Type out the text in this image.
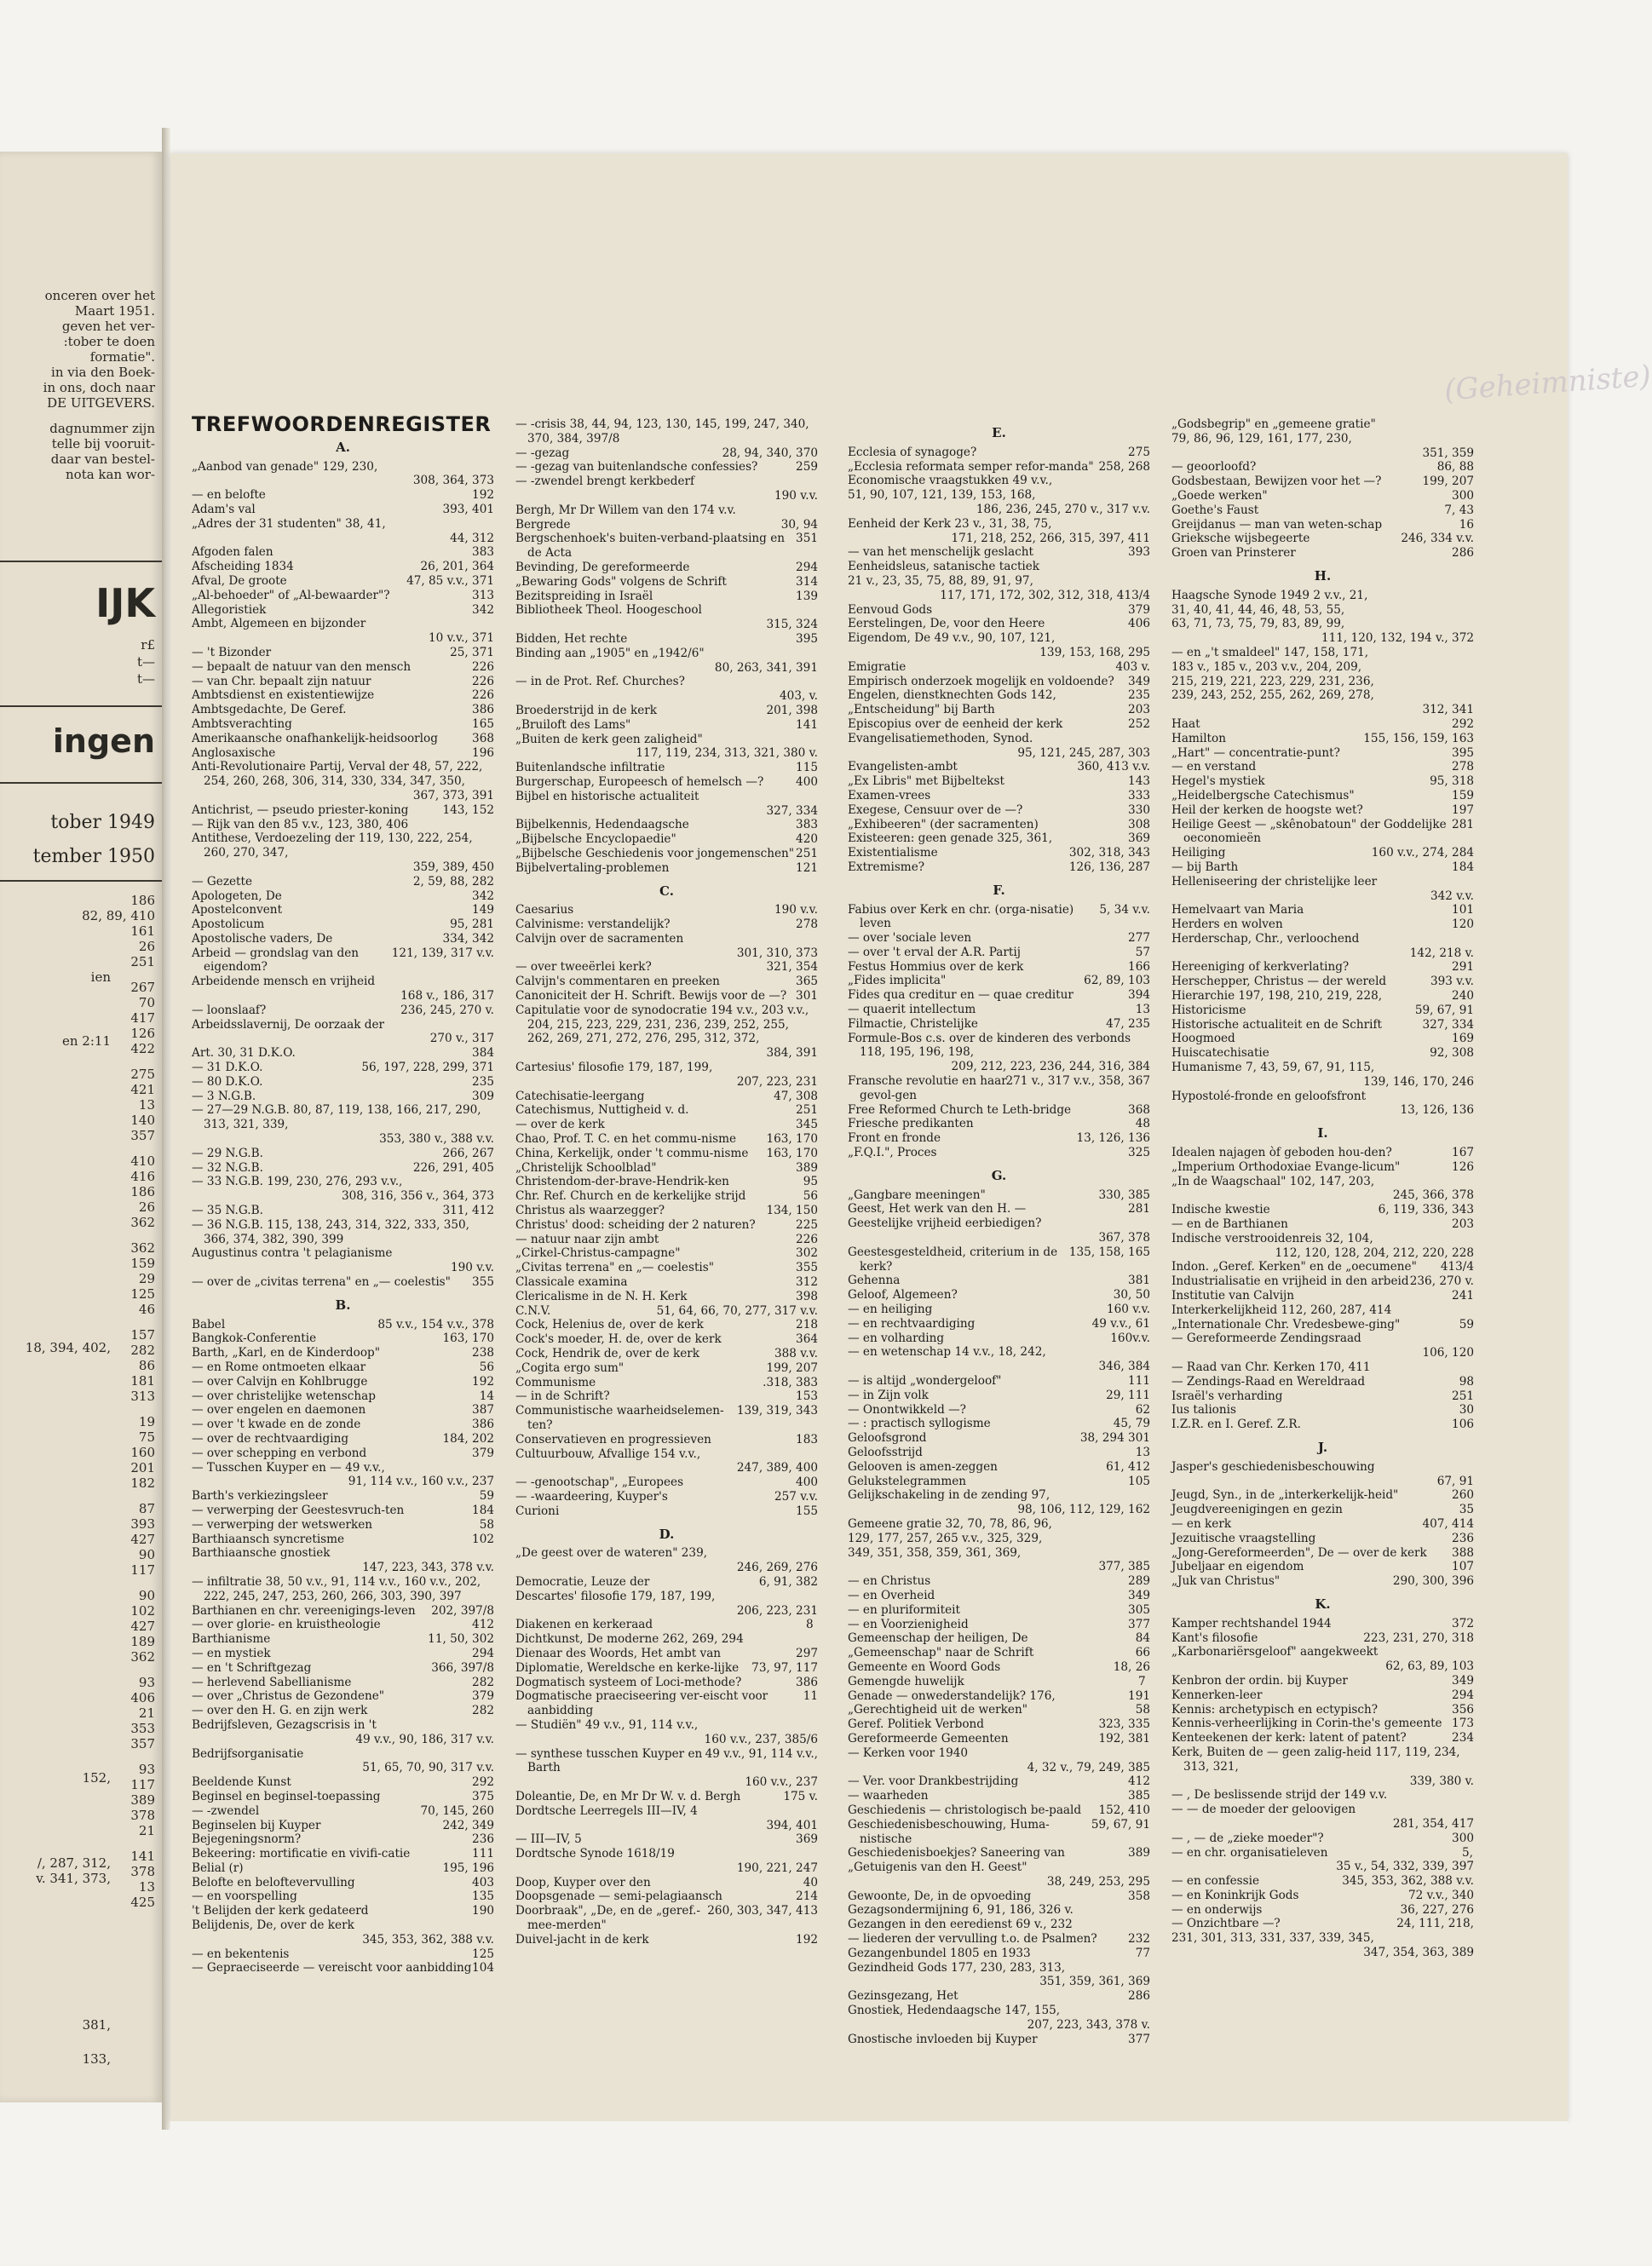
onceren over het
Maart 1951.
geven het ver-
:tober te doen
formatie".
in via den Boek-
in ons, doch naar
DE UITGEVERS.
dagnummer zijn
telle bij vooruit-
daar van bestel-
nota kan wor-
IJK
r£
t—
t—
ingen
tober 1949
tember 1950
186
82, 89, 410
161
26
251
267
70
417
126
422
275
421
13
140
357
410
416
186
26
362
362
159
29
125
46
157
282
86
181
313
19
75
160
201
182
87
393
427
90
117
90
102
427
189
362
93
406
21
353
357
93
117
389
378
21
141
378
13
425
ien
en 2:11
18, 394, 402,
152,
/, 287, 312,
v. 341, 373,
381,
133,
(Geheimniste)
TREFWOORDENREGISTER
A.
„Aanbod van genade" 129, 230,
308, 364, 373
192
— en belofte
393, 401
Adam's val
„Adres der 31 studenten" 38, 41,
44, 312
383
Afgoden falen
26, 201, 364
Afscheiding 1834
47, 85 v.v., 371
Afval, De groote
313
„Al-behoeder" of „Al-bewaarder"?
342
Allegoristiek
Ambt, Algemeen en bijzonder
10 v.v., 371
25, 371
— 't Bizonder
226
— bepaalt de natuur van den mensch
226
— van Chr. bepaalt zijn natuur
226
Ambtsdienst en existentiewijze
386
Ambtsgedachte, De Geref.
165
Ambtsverachting
368
Amerikaansche onafhankelijk-heidsoorlog
196
Anglosaxische
Anti-Revolutionaire Partij, Verval der 48, 57, 222, 254, 260, 268, 306, 314, 330, 334, 347, 350,
367, 373, 391
143, 152
Antichrist, — pseudo priester-koning
— Rijk van den 85 v.v., 123, 380, 406
Antithese, Verdoezeling der 119, 130, 222, 254, 260, 270, 347,
359, 389, 450
2, 59, 88, 282
— Gezette
342
Apologeten, De
149
Apostelconvent
95, 281
Apostolicum
334, 342
Apostolische vaders, De
121, 139, 317 v.v.
Arbeid — grondslag van den eigendom?
Arbeidende mensch en vrijheid
168 v., 186, 317
236, 245, 270 v.
— loonslaaf?
Arbeidsslavernij, De oorzaak der
270 v., 317
384
Art. 30, 31 D.K.O.
56, 197, 228, 299, 371
— 31 D.K.O.
235
— 80 D.K.O.
309
— 3 N.G.B.
— 27—29 N.G.B. 80, 87, 119, 138, 166, 217, 290, 313, 321, 339,
353, 380 v., 388 v.v.
266, 267
— 29 N.G.B.
226, 291, 405
— 32 N.G.B.
— 33 N.G.B. 199, 230, 276, 293 v.v.,
308, 316, 356 v., 364, 373
311, 412
— 35 N.G.B.
— 36 N.G.B. 115, 138, 243, 314, 322, 333, 350, 366, 374, 382, 390, 399
Augustinus contra 't pelagianisme
190 v.v.
355
— over de „civitas terrena" en „— coelestis"
B.
85 v.v., 154 v.v., 378
Babel
163, 170
Bangkok-Conferentie
238
Barth, „Karl, en de Kinderdoop"
56
— en Rome ontmoeten elkaar
192
— over Calvijn en Kohlbrugge
14
— over christelijke wetenschap
387
— over engelen en daemonen
386
— over 't kwade en de zonde
184, 202
— over de rechtvaardiging
379
— over schepping en verbond
— Tusschen Kuyper en — 49 v.v.,
91, 114 v.v., 160 v.v., 237
59
Barth's verkiezingsleer
184
— verwerping der Geestesvruch-ten
58
— verwerping der wetswerken
102
Barthiaansch syncretisme
Barthiaansche gnostiek
147, 223, 343, 378 v.v.
— infiltratie 38, 50 v.v., 91, 114 v.v., 160 v.v., 202, 222, 245, 247, 253, 260, 266, 303, 390, 397
202, 397/8
Barthianen en chr. vereenigings-leven
412
— over glorie- en kruistheologie
11, 50, 302
Barthianisme
294
— en mystiek
366, 397/8
— en 't Schriftgezag
282
— herlevend Sabellianisme
379
— over „Christus de Gezondene"
282
— over den H. G. en zijn werk
Bedrijfsleven, Gezagscrisis in 't
49 v.v., 90, 186, 317 v.v.
Bedrijfsorganisatie
51, 65, 70, 90, 317 v.v.
292
Beeldende Kunst
375
Beginsel en beginsel-toepassing
70, 145, 260
— -zwendel
242, 349
Beginselen bij Kuyper
236
Bejegeningsnorm?
111
Bekeering: mortificatie en vivifi-catie
195, 196
Belial (r)
403
Belofte en beloftevervulling
135
— en voorspelling
190
't Belijden der kerk gedateerd
Belijdenis, De, over de kerk
345, 353, 362, 388 v.v.
125
— en bekentenis
104
— Gepraeciseerde — vereischt voor aanbidding
— -crisis 38, 44, 94, 123, 130, 145, 199, 247, 340, 370, 384, 397/8
28, 94, 340, 370
— -gezag
259
— -gezag van buitenlandsche confessies?
— -zwendel brengt kerkbederf
190 v.v.
Bergh, Mr Dr Willem van den 174 v.v.
30, 94
Bergrede
351
Bergschenhoek's buiten-verband-plaatsing en de Acta
294
Bevinding, De gereformeerde
314
„Bewaring Gods" volgens de Schrift
139
Bezitspreiding in Israël
Bibliotheek Theol. Hoogeschool
315, 324
395
Bidden, Het rechte
Binding aan „1905" en „1942/6"
80, 263, 341, 391
— in de Prot. Ref. Churches?
403, v.
201, 398
Broederstrijd in de kerk
141
„Bruiloft des Lams"
„Buiten de kerk geen zaligheid"
117, 119, 234, 313, 321, 380 v.
115
Buitenlandsche infiltratie
400
Burgerschap, Europeesch of hemelsch —?
Bijbel en historische actualiteit
327, 334
383
Bijbelkennis, Hedendaagsche
420
„Bijbelsche Encyclopaedie"
251
„Bijbelsche Geschiedenis voor jongemenschen"
121
Bijbelvertaling-problemen
C.
190 v.v.
Caesarius
278
Calvinisme: verstandelijk?
Calvijn over de sacramenten
301, 310, 373
321, 354
— over tweeërlei kerk?
365
Calvijn's commentaren en preeken
301
Canoniciteit der H. Schrift. Bewijs voor de —?
Capitulatie voor de synodocratie 194 v.v., 203 v.v., 204, 215, 223, 229, 231, 236, 239, 252, 255, 262, 269, 271, 272, 276, 295, 312, 372,
384, 391
Cartesius' filosofie 179, 187, 199,
207, 223, 231
47, 308
Catechisatie-leergang
251
Catechismus, Nuttigheid v. d.
345
— over de kerk
163, 170
Chao, Prof. T. C. en het commu-nisme
163, 170
China, Kerkelijk, onder 't commu-nisme
389
„Christelijk Schoolblad"
95
Christendom-der-brave-Hendrik-ken
56
Chr. Ref. Church en de kerkelijke strijd
134, 150
Christus als waarzegger?
225
Christus' dood: scheiding der 2 naturen?
226
— natuur naar zijn ambt
302
„Cirkel-Christus-campagne"
355
„Civitas terrena" en „— coelestis"
312
Classicale examina
398
Clericalisme in de N. H. Kerk
51, 64, 66, 70, 277, 317 v.v.
C.N.V.
218
Cock, Helenius de, over de kerk
364
Cock's moeder, H. de, over de kerk
388 v.v.
Cock, Hendrik de, over de kerk
199, 207
„Cogita ergo sum"
.318, 383
Communisme
153
— in de Schrift?
139, 319, 343
Communistische waarheidselemen-ten?
183
Conservatieven en progressieven
Cultuurbouw, Afvallige 154 v.v.,
247, 389, 400
400
— -genootschap", „Europees
257 v.v.
— -waardeering, Kuyper's
155
Curioni
D.
„De geest over de wateren" 239,
246, 269, 276
6, 91, 382
Democratie, Leuze der
Descartes' filosofie 179, 187, 199,
206, 223, 231
8
Diakenen en kerkeraad
Dichtkunst, De moderne 262, 269, 294
297
Dienaar des Woords, Het ambt van
73, 97, 117
Diplomatie, Wereldsche en kerke-lijke
386
Dogmatisch systeem of Loci-methode?
11
Dogmatische praeciseering ver-eischt voor aanbidding
— Studiën" 49 v.v., 91, 114 v.v.,
160 v.v., 237, 385/6
49 v.v., 91, 114 v.v.,
— synthese tusschen Kuyper en Barth
160 v.v., 237
175 v.
Doleantie, De, en Mr Dr W. v. d. Bergh
Dordtsche Leerregels III—IV, 4
394, 401
369
— III—IV, 5
Dordtsche Synode 1618/19
190, 221, 247
40
Doop, Kuyper over den
214
Doopsgenade — semi-pelagiaansch
260, 303, 347, 413
Doorbraak", „De, en de „geref.-mee-merden"
192
Duivel-jacht in de kerk
E.
275
Ecclesia of synagoge?
258, 268
„Ecclesia reformata semper refor-manda"
Economische vraagstukken 49 v.v.,
51, 90, 107, 121, 139, 153, 168,
186, 236, 245, 270 v., 317 v.v.
Eenheid der Kerk 23 v., 31, 38, 75,
171, 218, 252, 266, 315, 397, 411
393
— van het menschelijk geslacht
Eenheidsleus, satanische tactiek
21 v., 23, 35, 75, 88, 89, 91, 97,
117, 171, 172, 302, 312, 318, 413/4
379
Eenvoud Gods
406
Eerstelingen, De, voor den Heere
Eigendom, De 49 v.v., 90, 107, 121,
139, 153, 168, 295
403 v.
Emigratie
349
Empirisch onderzoek mogelijk en voldoende?
235
Engelen, dienstknechten Gods 142,
203
„Entscheidung" bij Barth
252
Episcopius over de eenheid der kerk
Evangelisatiemethoden, Synod.
95, 121, 245, 287, 303
360, 413 v.v.
Evangelisten-ambt
143
„Ex Libris" met Bijbeltekst
333
Examen-vrees
330
Exegese, Censuur over de —?
308
„Exhibeeren" (der sacramenten)
369
Existeeren: geen genade 325, 361,
302, 318, 343
Existentialisme
126, 136, 287
Extremisme?
F.
5, 34 v.v.
Fabius over Kerk en chr. (orga-nisatie) leven
277
— over 'sociale leven
57
— over 't erval der A.R. Partij
166
Festus Hommius over de kerk
62, 89, 103
„Fides implicita"
394
Fides qua creditur en — quae creditur
13
— quaerit intellectum
47, 235
Filmactie, Christelijke
Formule-Bos c.s. over de kinderen des verbonds 118, 195, 196, 198,
209, 212, 223, 236, 244, 316, 384
271 v., 317 v.v., 358, 367
Fransche revolutie en haar gevol-gen
368
Free Reformed Church te Leth-bridge
48
Friesche predikanten
13, 126, 136
Front en fronde
325
„F.Q.I.", Proces
G.
330, 385
„Gangbare meeningen"
281
Geest, Het werk van den H. —
Geestelijke vrijheid eerbiedigen?
367, 378
135, 158, 165
Geestesgesteldheid, criterium in de kerk?
381
Gehenna
30, 50
Geloof, Algemeen?
160 v.v.
— en heiliging
49 v.v., 61
— en rechtvaardiging
160v.v.
— en volharding
— en wetenschap 14 v.v., 18, 242,
346, 384
111
— is altijd „wondergeloof"
29, 111
— in Zijn volk
62
— Onontwikkeld —?
45, 79
— : practisch syllogisme
38, 294 301
Geloofsgrond
13
Geloofsstrijd
61, 412
Gelooven is amen-zeggen
105
Gelukstelegrammen
Gelijkschakeling in de zending 97,
98, 106, 112, 129, 162
Gemeene gratie 32, 70, 78, 86, 96,
129, 177, 257, 265 v.v., 325, 329,
349, 351, 358, 359, 361, 369,
377, 385
289
— en Christus
349
— en Overheid
305
— en pluriformiteit
377
— en Voorzienigheid
84
Gemeenschap der heiligen, De
66
„Gemeenschap" naar de Schrift
18, 26
Gemeente en Woord Gods
7
Gemengde huwelijk
191
Genade — onwederstandelijk? 176,
58
„Gerechtigheid uit de werken"
323, 335
Geref. Politiek Verbond
192, 381
Gereformeerde Gemeenten
— Kerken voor 1940
4, 32 v., 79, 249, 385
412
— Ver. voor Drankbestrijding
385
— waarheden
152, 410
Geschiedenis — christologisch be-paald
59, 67, 91
Geschiedenisbeschouwing, Huma-nistische
389
Geschiedenisboekjes? Saneering van
„Getuigenis van den H. Geest"
38, 249, 253, 295
358
Gewoonte, De, in de opvoeding
Gezagsondermijning 6, 91, 186, 326 v.
Gezangen in den eeredienst 69 v., 232
232
— liederen der vervulling t.o. de Psalmen?
77
Gezangenbundel 1805 en 1933
Gezindheid Gods 177, 230, 283, 313,
351, 359, 361, 369
286
Gezinsgezang, Het
Gnostiek, Hedendaagsche 147, 155,
207, 223, 343, 378 v.
377
Gnostische invloeden bij Kuyper
„Godsbegrip" en „gemeene gratie"
79, 86, 96, 129, 161, 177, 230,
351, 359
86, 88
— geoorloofd?
199, 207
Godsbestaan, Bewijzen voor het —?
300
„Goede werken"
7, 43
Goethe's Faust
16
Greijdanus — man van weten-schap
246, 334 v.v.
Grieksche wijsbegeerte
286
Groen van Prinsterer
H.
Haagsche Synode 1949 2 v.v., 21,
31, 40, 41, 44, 46, 48, 53, 55,
63, 71, 73, 75, 79, 83, 89, 99,
111, 120, 132, 194 v., 372
— en „'t smaldeel" 147, 158, 171,
183 v., 185 v., 203 v.v., 204, 209,
215, 219, 221, 223, 229, 231, 236,
239, 243, 252, 255, 262, 269, 278,
312, 341
292
Haat
155, 156, 159, 163
Hamilton
395
„Hart" — concentratie-punt?
278
— en verstand
95, 318
Hegel's mystiek
159
„Heidelbergsche Catechismus"
197
Heil der kerken de hoogste wet?
281
Heilige Geest — „skênobatoun" der Goddelijke oeconomieën
160 v.v., 274, 284
Heiliging
184
— bij Barth
Helleniseering der christelijke leer
342 v.v.
101
Hemelvaart van Maria
120
Herders en wolven
Herderschap, Chr., verloochend
142, 218 v.
291
Hereeniging of kerkverlating?
393 v.v.
Herschepper, Christus — der wereld
240
Hierarchie 197, 198, 210, 219, 228,
59, 67, 91
Historicisme
327, 334
Historische actualiteit en de Schrift
169
Hoogmoed
92, 308
Huiscatechisatie
Humanisme 7, 43, 59, 67, 91, 115,
139, 146, 170, 246
Hypostolé-fronde en geloofsfront
13, 126, 136
I.
167
Idealen najagen òf geboden hou-den?
126
„Imperium Orthodoxiae Evange-licum"
„In de Waagschaal" 102, 147, 203,
245, 366, 378
6, 119, 336, 343
Indische kwestie
203
— en de Barthianen
Indische verstrooidenreis 32, 104,
112, 120, 128, 204, 212, 220, 228
413/4
Indon. „Geref. Kerken" en de „oecumene"
236, 270 v.
Industrialisatie en vrijheid in den arbeid
241
Institutie van Calvijn
Interkerkelijkheid 112, 260, 287, 414
59
„Internationale Chr. Vredesbewe-ging"
— Gereformeerde Zendingsraad
106, 120
— Raad van Chr. Kerken 170, 411
98
— Zendings-Raad en Wereldraad
251
Israël's verharding
30
Ius talionis
106
I.Z.R. en I. Geref. Z.R.
J.
Jasper's geschiedenisbeschouwing
67, 91
260
Jeugd, Syn., in de „interkerkelijk-heid"
35
Jeugdvereenigingen en gezin
407, 414
— en kerk
236
Jezuitische vraagstelling
388
„Jong-Gereformeerden", De — over de kerk
107
Jubeljaar en eigendom
290, 300, 396
„Juk van Christus"
K.
372
Kamper rechtshandel 1944
223, 231, 270, 318
Kant's filosofie
„Karbonariërsgeloof" aangekweekt
62, 63, 89, 103
349
Kenbron der ordin. bij Kuyper
294
Kennerken-leer
356
Kennis: archetypisch en ectypisch?
173
Kennis-verheerlijking in Corin-the's gemeente
234
Kenteekenen der kerk: latent of patent?
Kerk, Buiten de — geen zalig-heid 117, 119, 234, 313, 321,
339, 380 v.
— , De beslissende strijd der 149 v.v.
— — de moeder der geloovigen
281, 354, 417
300
— , — de „zieke moeder"?
5,
— en chr. organisatieleven
35 v., 54, 332, 339, 397
345, 353, 362, 388 v.v.
— en confessie
72 v.v., 340
— en Koninkrijk Gods
36, 227, 276
— en onderwijs
24, 111, 218,
— Onzichtbare —?
231, 301, 313, 331, 337, 339, 345,
347, 354, 363, 389
